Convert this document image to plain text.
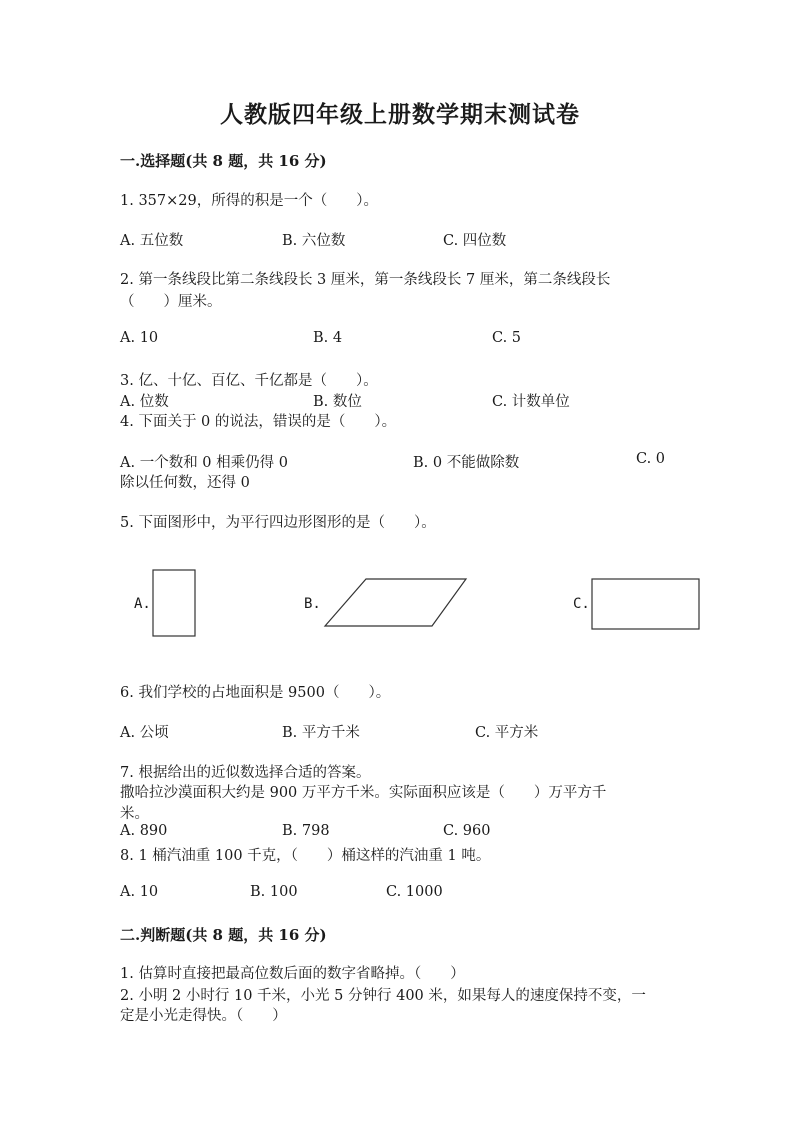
人教版四年级上册数学期末测试卷
一.选择题(共 8 题，共 16 分)
1. 357×29，所得的积是一个（　　）。
A. 五位数	B. 六位数	C. 四位数
2. 第一条线段比第二条线段长 3 厘米，第一条线段长 7 厘米，第二条线段长
（　　）厘米。
A. 10	B. 4	C. 5
3. 亿、十亿、百亿、千亿都是（　　）。
A. 位数	B. 数位	C. 计数单位
4. 下面关于 0 的说法，错误的是（　　）。
A. 一个数和 0 相乘仍得 0	B. 0 不能做除数	C. 0
除以任何数，还得 0
5. 下面图形中，为平行四边形图形的是（　　）。
A.	B.	C.
6. 我们学校的占地面积是 9500（　　）。
A. 公顷	B. 平方千米	C. 平方米
7. 根据给出的近似数选择合适的答案。
撒哈拉沙漠面积大约是 900 万平方千米。实际面积应该是（　　）万平方千
米。
A. 890	B. 798	C. 960
8. 1 桶汽油重 100 千克，（　　）桶这样的汽油重 1 吨。
A. 10	B. 100	C. 1000
二.判断题(共 8 题，共 16 分)
1. 估算时直接把最高位数后面的数字省略掉。（　　）
2. 小明 2 小时行 10 千米，小光 5 分钟行 400 米，如果每人的速度保持不变，一
定是小光走得快。（　　）
